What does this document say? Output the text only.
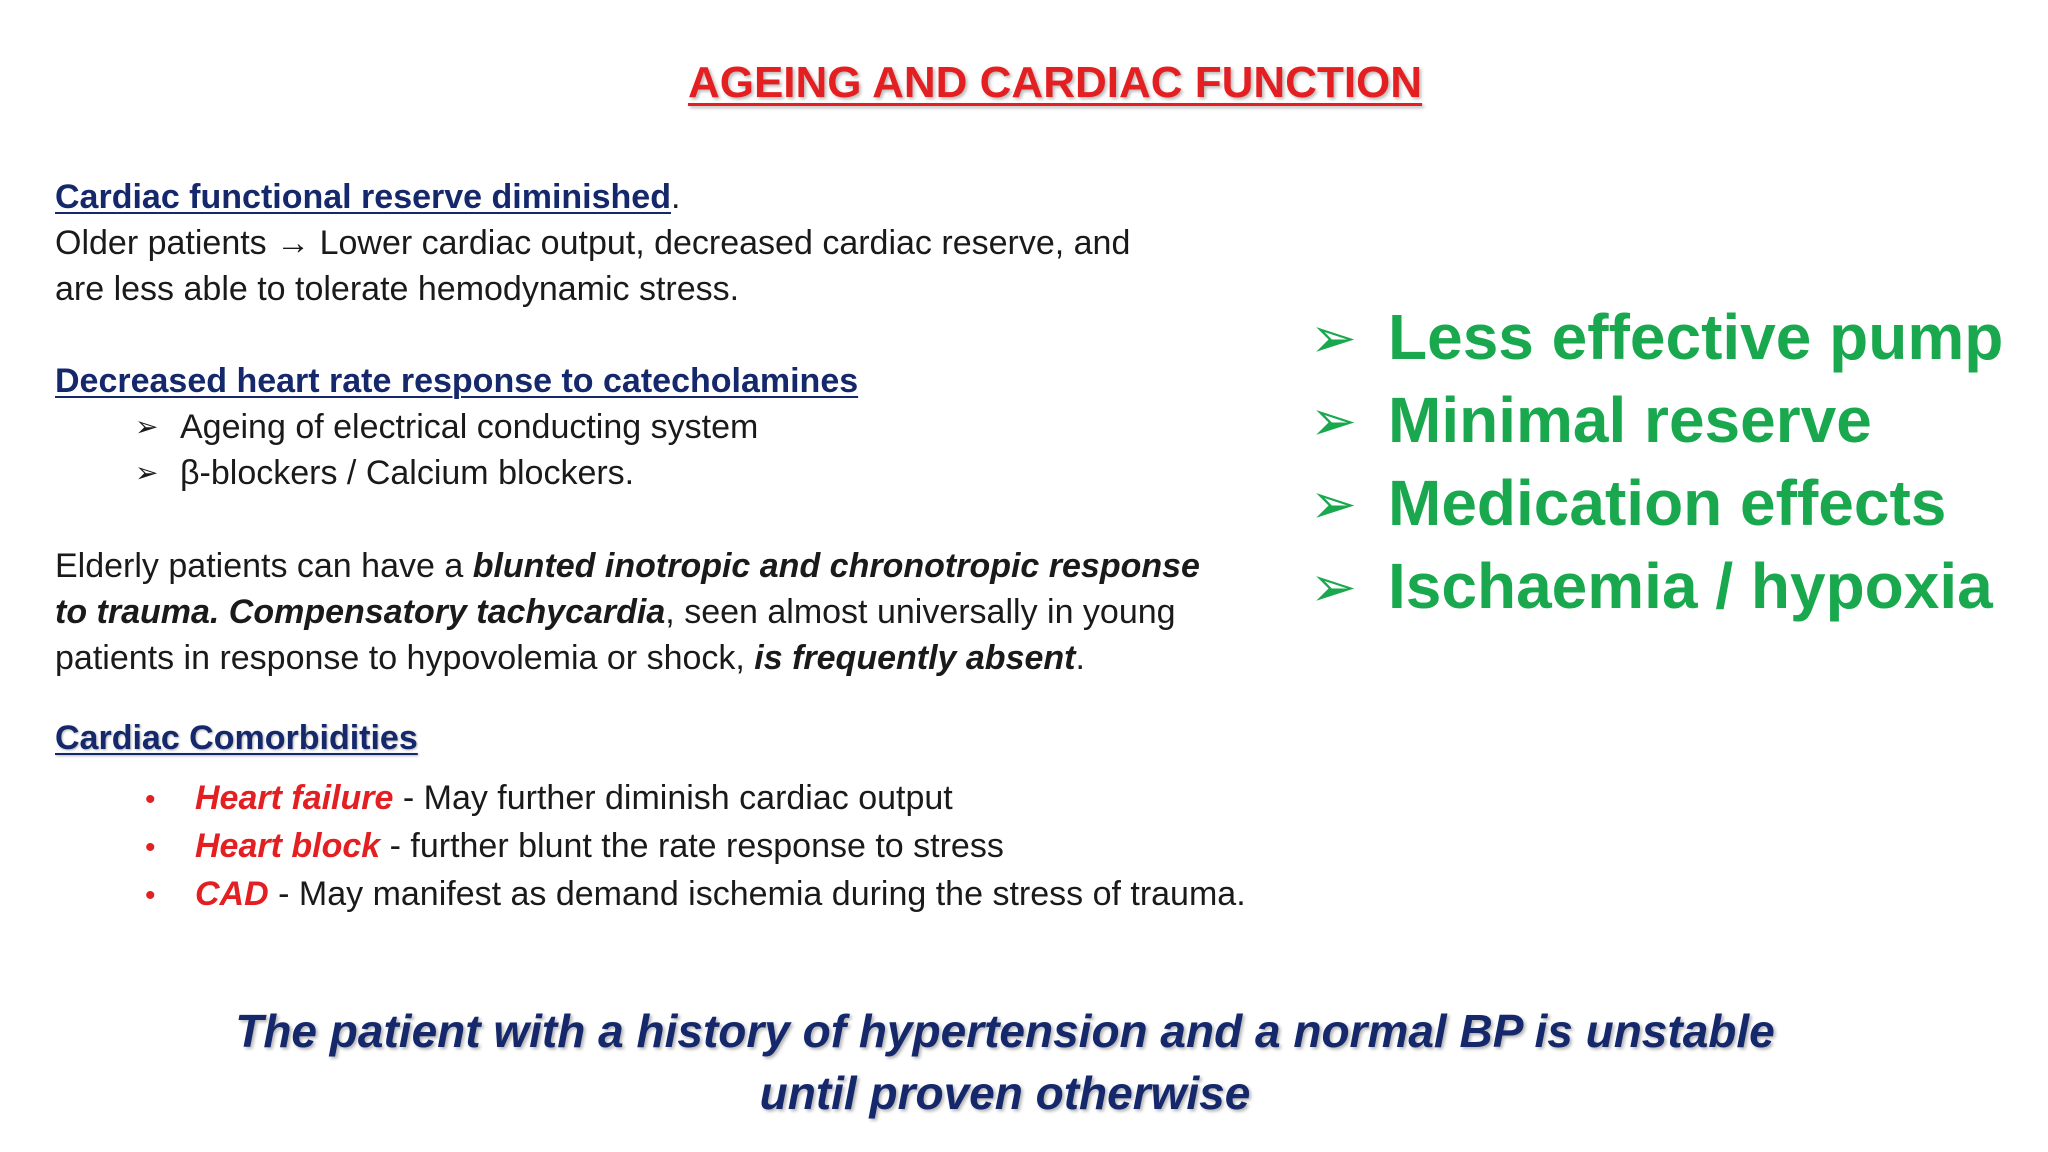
AGEING AND CARDIAC FUNCTION

Cardiac functional reserve diminished.

Older patients → Lower cardiac output, decreased cardiac reserve, and

are less able to tolerate hemodynamic stress.

Decreased heart rate response to catecholamines

➢ Ageing of electrical conducting system
➢ β-blockers / Calcium blockers.

Elderly patients can have a blunted inotropic and chronotropic response

to trauma. Compensatory tachycardia, seen almost universally in young

patients in response to hypovolemia or shock, is frequently absent.

Cardiac Comorbidities

•	Heart failure - May further diminish cardiac output
•	Heart block - further blunt the rate response to stress
•	CAD - May manifest as demand ischemia during the stress of trauma.
➢ Less effective pump
➢ Minimal reserve
➢ Medication effects
➢ Ischaemia / hypoxia
The patient with a history of hypertension and a normal BP is unstable
until proven otherwise
